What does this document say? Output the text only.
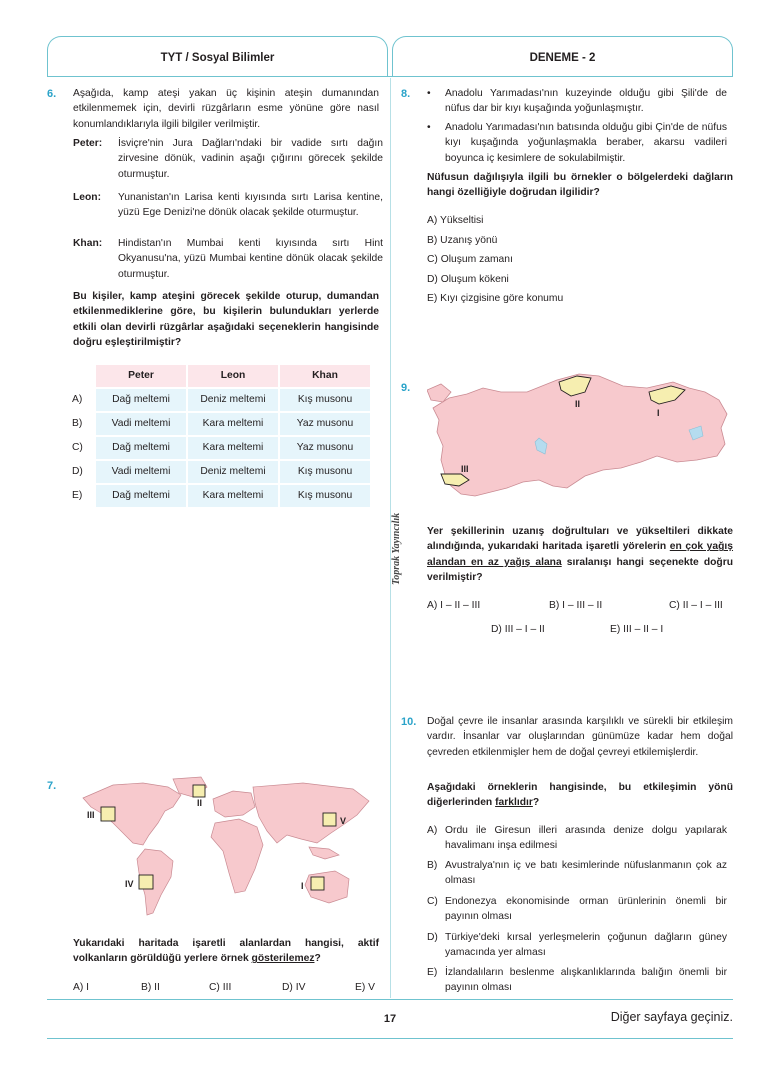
TYT / Sosyal Bilimler	DENEME - 2
Toprak Yayıncılık
6. Aşağıda, kamp ateşi yakan üç kişinin ateşin dumanından etkilenmemek için, devirli rüzgârların esme yönüne göre nasıl konumlandıklarıyla ilgili bilgiler verilmiştir.
Peter:	İsviçre'nin Jura Dağları'ndaki bir vadide sırtı dağın zirvesine dönük, vadinin aşağı çığırını görecek şekilde oturmuştur.
Leon:	Yunanistan'ın Larisa kenti kıyısında sırtı Larisa kentine, yüzü Ege Denizi'ne dönük olacak şekilde oturmuştur.
Khan:	Hindistan'ın Mumbai kenti kıyısında sırtı Hint Okyanusu'na, yüzü Mumbai kentine dönük olacak şekilde oturmuştur.
Bu kişiler, kamp ateşini görecek şekilde oturup, dumandan etkilenmediklerine göre, bu kişilerin bulundukları yerlerde etkili olan devirli rüzgârlar aşağıdaki seçeneklerin hangisinde doğru eşleştirilmiştir?
	Peter	Leon	Khan
A)	Dağ meltemi	Deniz meltemi	Kış musonu
B)	Vadi meltemi	Kara meltemi	Yaz musonu
C)	Dağ meltemi	Kara meltemi	Yaz musonu
D)	Vadi meltemi	Deniz meltemi	Kış musonu
E)	Dağ meltemi	Kara meltemi	Kış musonu
7.
I
II
III
IV
V
Yukarıdaki haritada işaretli alanlardan hangisi, aktif volkanların görüldüğü yerlere örnek gösterilemez?
A) I	B) II	C) III	D) IV	E) V
8. •	Anadolu Yarımadası'nın kuzeyinde olduğu gibi Şili'de de nüfus dar bir kıyı kuşağında yoğunlaşmıştır.
•	Anadolu Yarımadası'nın batısında olduğu gibi Çin'de de nüfus kıyı kuşağında yoğunlaşmakla beraber, akarsu vadileri boyunca iç kesimlere de sokulabilmiştir.
Nüfusun dağılışıyla ilgili bu örnekler o bölgelerdeki dağların hangi özelliğiyle doğrudan ilgilidir?
A) Yükseltisi
B) Uzanış yönü
C) Oluşum zamanı
D) Oluşum kökeni
E) Kıyı çizgisine göre konumu
9.
I
II
III
Yer şekillerinin uzanış doğrultuları ve yükseltileri dikkate alındığında, yukarıdaki haritada işaretli yörelerin en çok yağış alandan en az yağış alana sıralanışı hangi seçenekte doğru verilmiştir?
A) I – II – III	B) I – III – II	C) II – I – III
D) III – I – II	E) III – II – I
10. Doğal çevre ile insanlar arasında karşılıklı ve sürekli bir etkileşim vardır. İnsanlar var oluşlarından günümüze kadar hem doğal çevreden etkilenmişler hem de doğal çevreyi etkilemişlerdir.
Aşağıdaki örneklerin hangisinde, bu etkileşimin yönü diğerlerinden farklıdır?
A) Ordu ile Giresun illeri arasında denize dolgu yapılarak havalimanı inşa edilmesi
B) Avustralya'nın iç ve batı kesimlerinde nüfuslanmanın çok az olması
C) Endonezya ekonomisinde orman ürünlerinin önemli bir payının olması
D) Türkiye'deki kırsal yerleşmelerin çoğunun dağların güney yamacında yer alması
E) İzlandalıların beslenme alışkanlıklarında balığın önemli bir payının olması
17	Diğer sayfaya geçiniz.
